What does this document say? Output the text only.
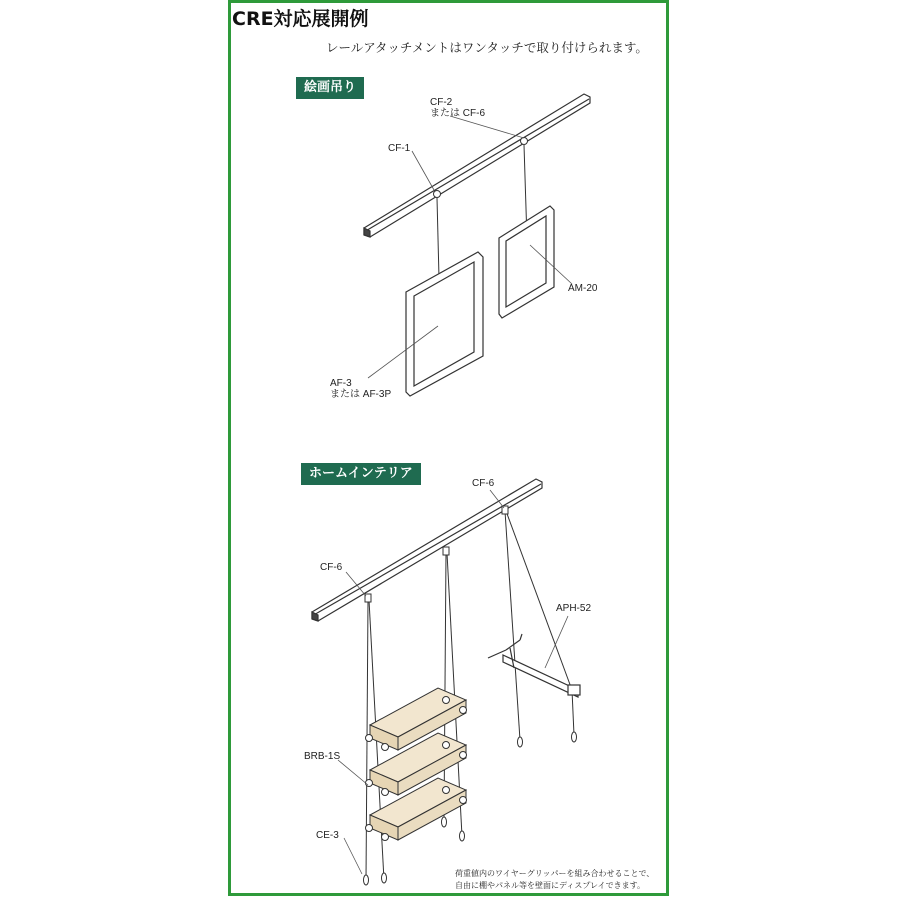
CRE対応展開例
レールアタッチメントはワンタッチで取り付けられます。
絵画吊り
ホームインテリア
CF-2
または CF-6
CF-1
AM-20
AF-3
または AF-3P
CF-6
CF-6
APH-52
BRB-1S
CE-3
荷重値内のワイヤーグリッパーを組み合わせることで、
自由に棚やパネル等を壁面にディスプレイできます。
